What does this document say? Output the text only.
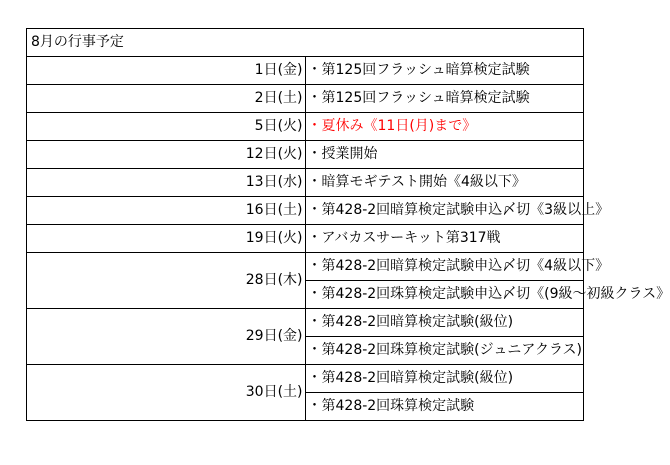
8月の行事予定	
1日(金)	・第125回フラッシュ暗算検定試験
2日(土)	・第125回フラッシュ暗算検定試験
5日(火)	・夏休み《11日(月)まで》
12日(火)	・授業開始
13日(水)	・暗算モギテスト開始《4級以下》
16日(土)	・第428-2回暗算検定試験申込〆切《3級以上》
19日(火)	・アバカスサーキット第317戦
28日(木)	・第428-2回暗算検定試験申込〆切《4級以下》
	・第428-2回珠算検定試験申込〆切《(9級～初級クラス》
29日(金)	・第428-2回暗算検定試験(級位)
	・第428-2回珠算検定試験(ジュニアクラス)
30日(土)	・第428-2回暗算検定試験(級位)
	・第428-2回珠算検定試験
